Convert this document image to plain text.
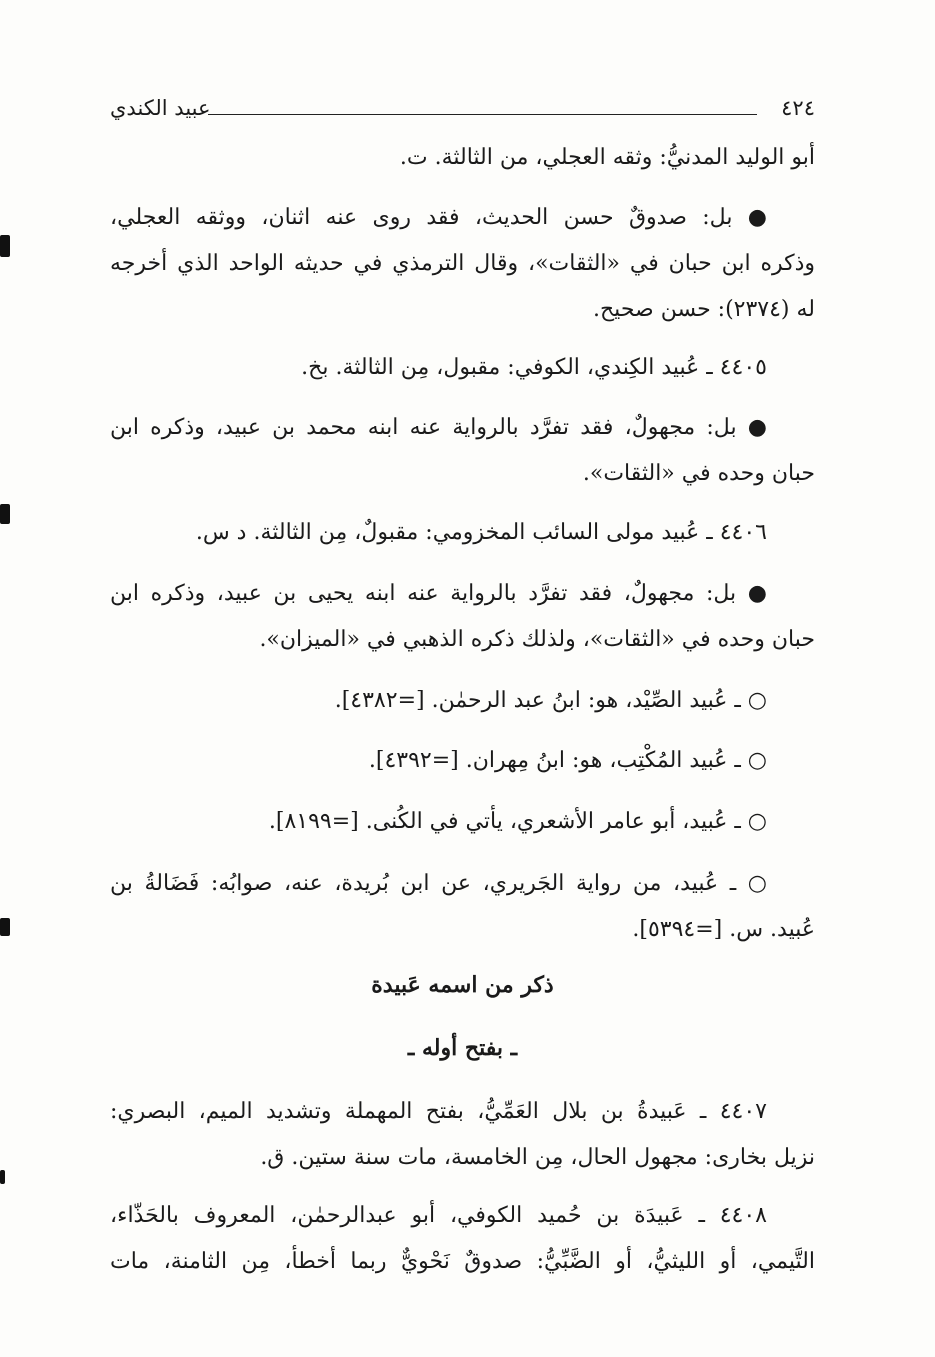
٤٢٤
عبيد الكندي
أبو الوليد المدنيُّ: وثقه العجلي، من الثالثة. ت.
● بل: صدوقٌ حسن الحديث، فقد روى عنه اثنان، ووثقه العجلي،
وذكره ابن حبان في «الثقات»، وقال الترمذي في حديثه الواحد الذي أخرجه
له (٢٣٧٤): حسن صحيح.
٤٤٠٥ ـ عُبيد الكِندي، الكوفي: مقبول، مِن الثالثة. بخ.
● بل: مجهولٌ، فقد تفرَّد بالرواية عنه ابنه محمد بن عبيد، وذكره ابن
حبان وحده في «الثقات».
٤٤٠٦ ـ عُبيد مولى السائب المخزومي: مقبولٌ، مِن الثالثة. د س.
● بل: مجهولٌ، فقد تفرَّد بالرواية عنه ابنه يحيى بن عبيد، وذكره ابن
حبان وحده في «الثقات»، ولذلك ذكره الذهبي في «الميزان».
○ ـ عُبيد الصِّيْد، هو: ابنُ عبد الرحمٰن. [=٤٣٨٢].
○ ـ عُبيد المُكْتِب، هو: ابنُ مِهران. [=٤٣٩٢].
○ ـ عُبيد، أبو عامر الأشعري، يأتي في الكُنى. [=٨١٩٩].
○ ـ عُبيد، من رواية الجَريري، عن ابن بُريدة، عنه، صوابُه: فَضَالةُ بن
عُبيد. س. [=٥٣٩٤].
ذكر من اسمه عَبيدة
ـ بفتح أوله ـ
٤٤٠٧ ـ عَبيدةُ بن بلال العَمِّيُّ، بفتح المهملة وتشديد الميم، البصري:
نزيل بخارى: مجهول الحال، مِن الخامسة، مات سنة ستين. ق.
٤٤٠٨ ـ عَبيدَة بن حُميد الكوفي، أبو عبدالرحمٰن، المعروف بالحَذّاء،
التَّيمي، أو الليثيُّ، أو الضَّبِّيُّ: صدوقٌ نَحْويٌّ ربما أخطأ، مِن الثامنة، مات
